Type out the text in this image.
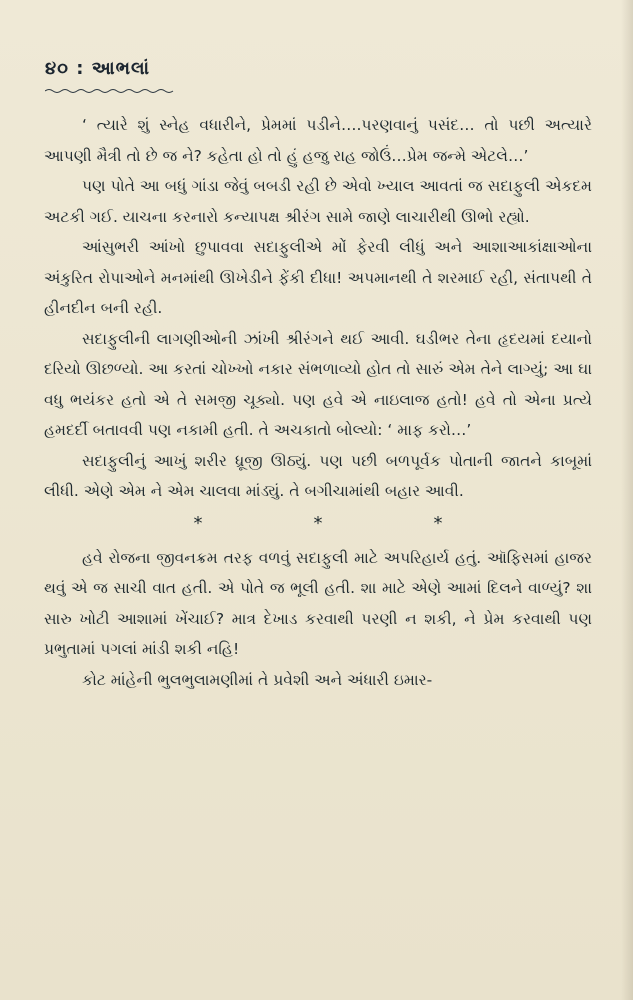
૪૦ : આભલાં

‘ ત્યારે શું સ્નેહ વધારીને, પ્રેમમાં પડીને….પરણવાનું પસંદ… તો પછી અત્યારે આપણી મૈત્રી તો છે જ ને? કહેતા હો તો હું હજુ રાહ જોઉં…પ્રેમ જન્મે એટલે…’

પણ પોતે આ બધું ગાંડા જેવું બબડી રહી છે એવો ખ્યાલ આવતાં જ સદાફુલી એકદમ અટકી ગઈ. યાચના કરનારો કન્યાપક્ષ શ્રીરંગ સામે જાણે લાચારીથી ઊભો રહ્યો.

આંસુભરી આંખો છુપાવવા સદાફુલીએ મોં ફેરવી લીધું અને આશાઆકાંક્ષાઓના અંકુરિત રોપાઓને મનમાંથી ઊખેડીને ફેંકી દીધા! અપમાનથી તે શરમાઈ રહી, સંતાપથી તે હીનદીન બની રહી.

સદાફુલીની લાગણીઓની ઝાંખી શ્રીરંગને થઈ આવી. ઘડીભર તેના હૃદયમાં દયાનો દરિયો ઊછળ્યો. આ કરતાં ચોખ્ખો નકાર સંભળાવ્યો હોત તો સારું એમ તેને લાગ્યું; આ ઘા વધુ ભયંકર હતો એ તે સમજી ચૂક્યો. પણ હવે એ નાઇલાજ હતો! હવે તો એના પ્રત્યે હમદર્દી બતાવવી પણ નકામી હતી. તે અચકાતો બોલ્યો: ‘ માફ કરો…’

સદાફુલીનું આખું શરીર ધ્રૂજી ઊઠ્યું. પણ પછી બળપૂર્વક પોતાની જાતને કાબૂમાં લીધી. એણે એમ ને એમ ચાલવા માંડ્યું. તે બગીચામાંથી બહાર આવી.

*	*	*

હવે રોજના જીવનક્રમ તરફ વળવું સદાફુલી માટે અપરિહાર્ય હતું. ઑફિસમાં હાજર થવું એ જ સાચી વાત હતી. એ પોતે જ ભૂલી હતી. શા માટે એણે આમાં દિલને વાળ્યું? શા સારુ ખોટી આશામાં ખેંચાઈ? માત્ર દેખાડ કરવાથી પરણી ન શકી, ને પ્રેમ કરવાથી પણ પ્રભુતામાં પગલાં માંડી શકી નહિ!

કોટ માંહેની ભુલભુલામણીમાં તે પ્રવેશી અને અંધારી ઇમાર-
